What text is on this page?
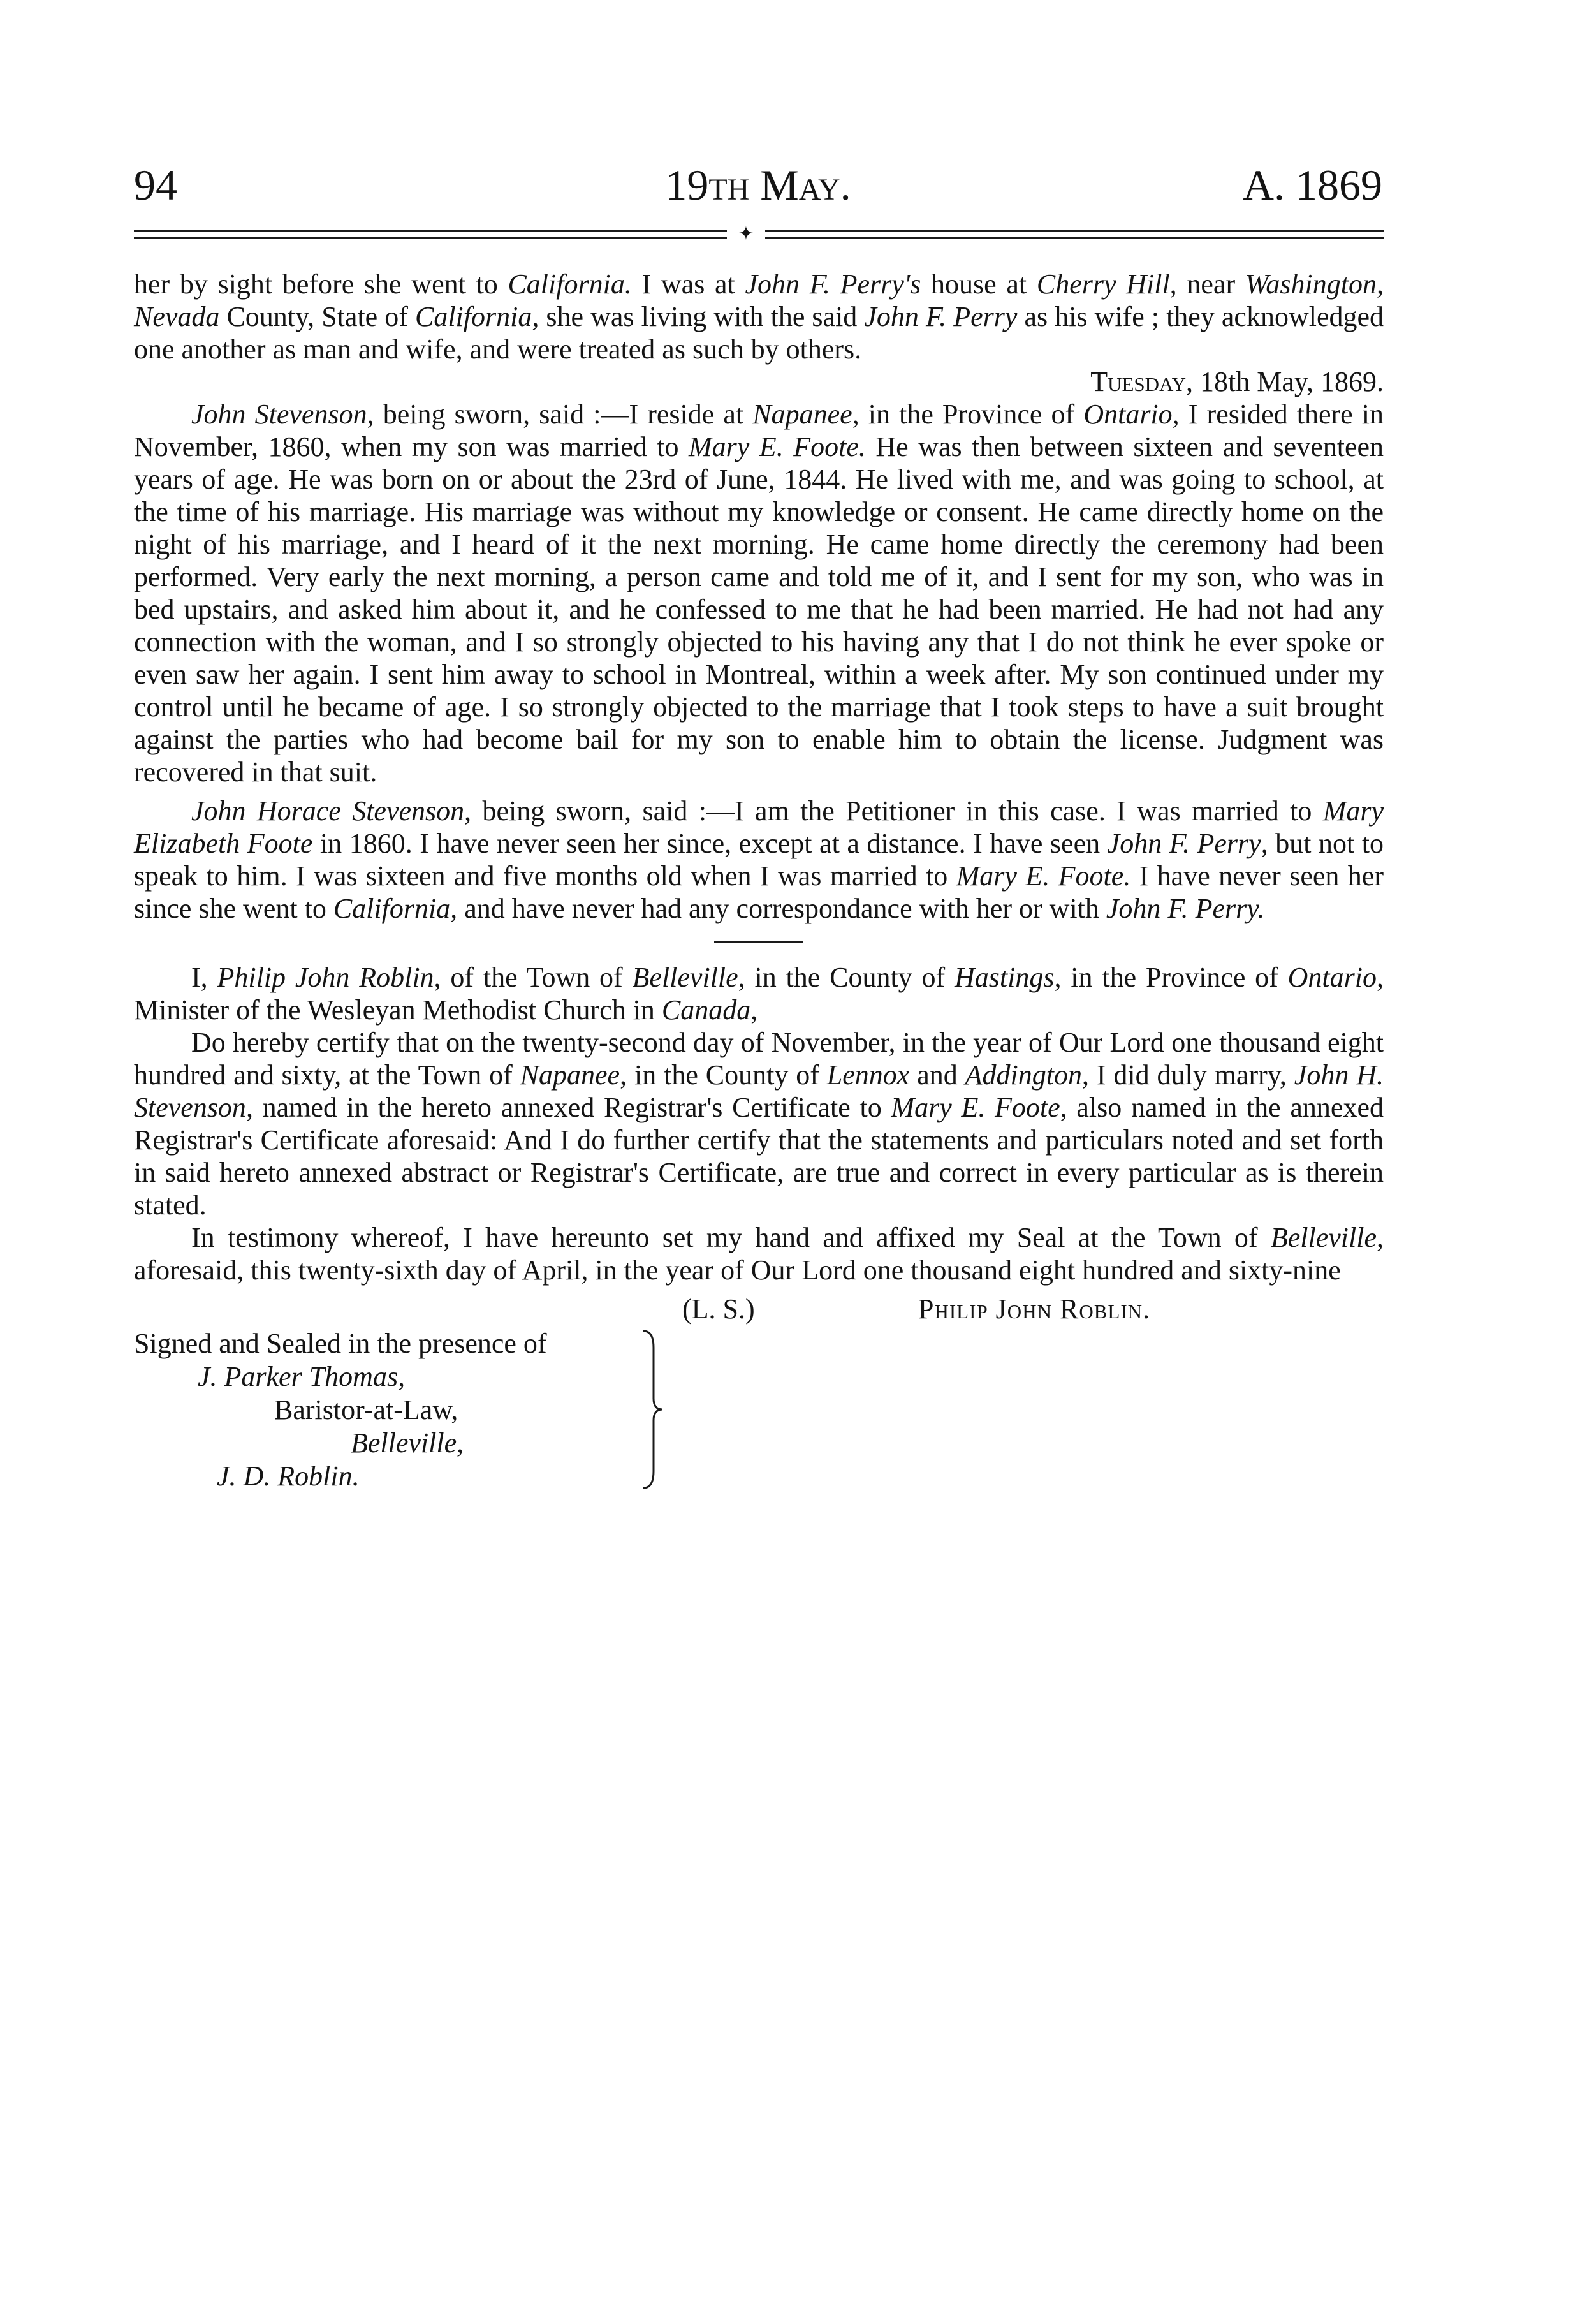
94	19th May.	A. 1869
✦

her by sight before she went to California. I was at John F. Perry's house at Cherry Hill, near Washington, Nevada County, State of California, she was living with the said John F. Perry as his wife ; they acknowledged one another as man and wife, and were treated as such by others.

Tuesday, 18th May, 1869.

John Stevenson, being sworn, said :—I reside at Napanee, in the Province of Ontario, I resided there in November, 1860, when my son was married to Mary E. Foote. He was then between sixteen and seventeen years of age. He was born on or about the 23rd of June, 1844. He lived with me, and was going to school, at the time of his marriage. His marriage was without my knowledge or consent. He came directly home on the night of his marriage, and I heard of it the next morning. He came home directly the ceremony had been performed. Very early the next morning, a person came and told me of it, and I sent for my son, who was in bed upstairs, and asked him about it, and he confessed to me that he had been married. He had not had any connection with the woman, and I so strongly objected to his having any that I do not think he ever spoke or even saw her again. I sent him away to school in Montreal, within a week after. My son continued under my control until he became of age. I so strongly objected to the marriage that I took steps to have a suit brought against the parties who had become bail for my son to enable him to obtain the license. Judgment was recovered in that suit.

John Horace Stevenson, being sworn, said :—I am the Petitioner in this case. I was married to Mary Elizabeth Foote in 1860. I have never seen her since, except at a distance. I have seen John F. Perry, but not to speak to him. I was sixteen and five months old when I was married to Mary E. Foote. I have never seen her since she went to California, and have never had any correspondance with her or with John F. Perry.

I, Philip John Roblin, of the Town of Belleville, in the County of Hastings, in the Province of Ontario, Minister of the Wesleyan Methodist Church in Canada,

Do hereby certify that on the twenty-second day of November, in the year of Our Lord one thousand eight hundred and sixty, at the Town of Napanee, in the County of Lennox and Addington, I did duly marry, John H. Stevenson, named in the hereto annexed Registrar's Certificate to Mary E. Foote, also named in the annexed Registrar's Certificate aforesaid: And I do further certify that the statements and particulars noted and set forth in said hereto annexed abstract or Registrar's Certificate, are true and correct in every particular as is therein stated.

In testimony whereof, I have hereunto set my hand and affixed my Seal at the Town of Belleville, aforesaid, this twenty-sixth day of April, in the year of Our Lord one thousand eight hundred and sixty-nine

(L. S.)	Philip John Roblin.
Signed and Sealed in the presence of
J. Parker Thomas,
Baristor-at-Law,
Belleville,
J. D. Roblin.
